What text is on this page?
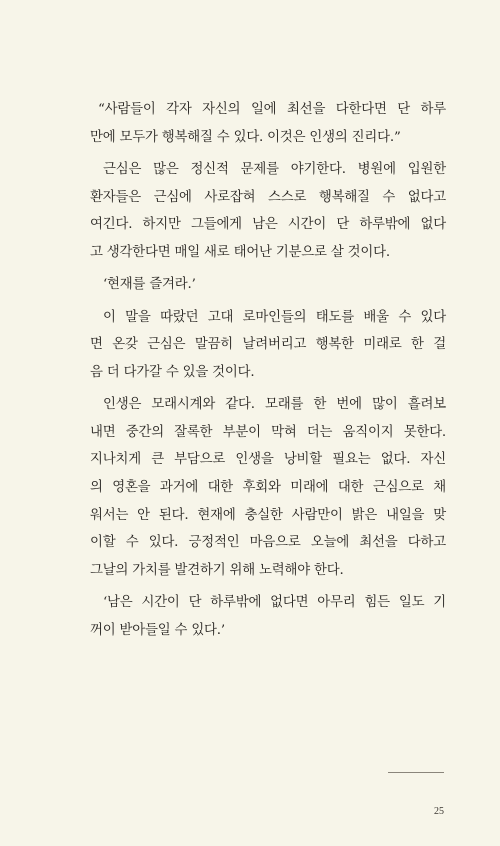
“사람들이 각자 자신의 일에 최선을 다한다면 단 하루
만에 모두가 행복해질 수 있다. 이것은 인생의 진리다.”

근심은 많은 정신적 문제를 야기한다. 병원에 입원한
환자들은 근심에 사로잡혀 스스로 행복해질 수 없다고
여긴다. 하지만 그들에게 남은 시간이 단 하루밖에 없다
고 생각한다면 매일 새로 태어난 기분으로 살 것이다.

‘현재를 즐겨라.’

이 말을 따랐던 고대 로마인들의 태도를 배울 수 있다
면 온갖 근심은 말끔히 날려버리고 행복한 미래로 한 걸
음 더 다가갈 수 있을 것이다.

인생은 모래시계와 같다. 모래를 한 번에 많이 흘려보
내면 중간의 잘록한 부분이 막혀 더는 움직이지 못한다.
지나치게 큰 부담으로 인생을 낭비할 필요는 없다. 자신
의 영혼을 과거에 대한 후회와 미래에 대한 근심으로 채
워서는 안 된다. 현재에 충실한 사람만이 밝은 내일을 맞
이할 수 있다. 긍정적인 마음으로 오늘에 최선을 다하고
그날의 가치를 발견하기 위해 노력해야 한다.

‘남은 시간이 단 하루밖에 없다면 아무리 힘든 일도 기
꺼이 받아들일 수 있다.’

25
